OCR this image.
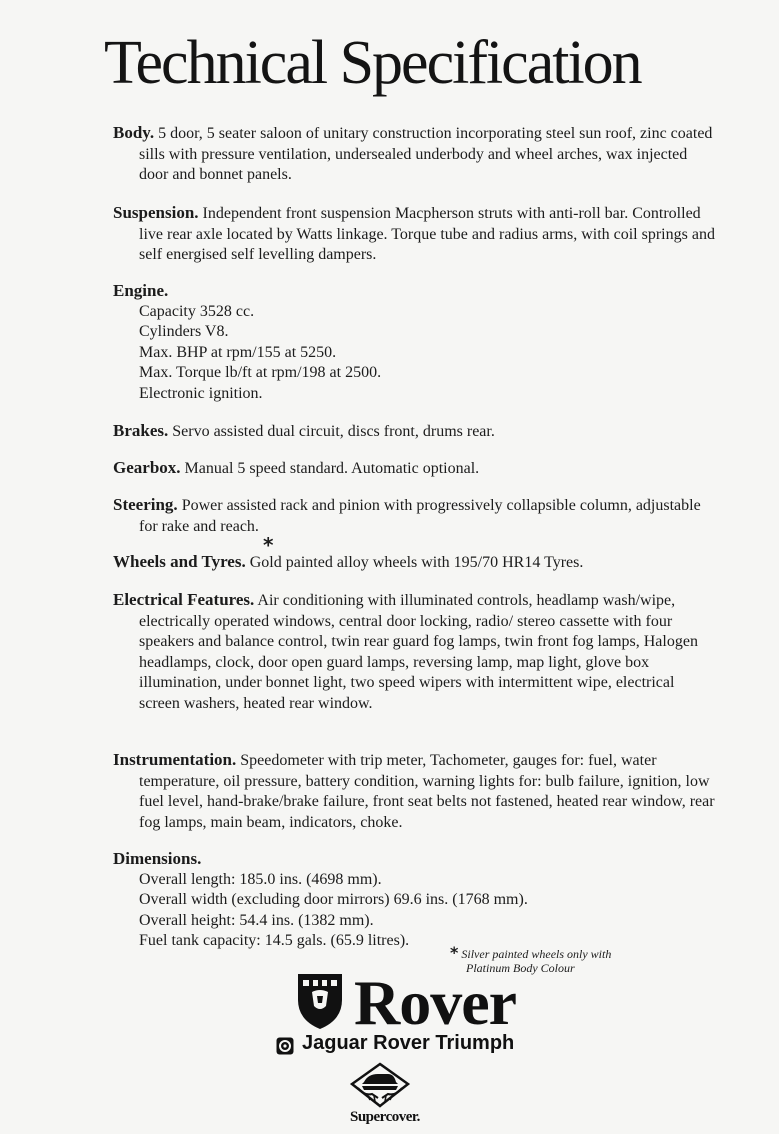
Technical Specification

Body. 5 door, 5 seater saloon of unitary construction incorporating steel sun roof, zinc coated sills with pressure ventilation, undersealed underbody and wheel arches, wax injected door and bonnet panels.

Suspension. Independent front suspension Macpherson struts with anti-roll bar. Controlled live rear axle located by Watts linkage. Torque tube and radius arms, with coil springs and self energised self levelling dampers.

Engine.
Capacity 3528 cc.
Cylinders V8.
Max. BHP at rpm/155 at 5250.
Max. Torque lb/ft at rpm/198 at 2500.
Electronic ignition.

Brakes. Servo assisted dual circuit, discs front, drums rear.

Gearbox. Manual 5 speed standard. Automatic optional.

Steering. Power assisted rack and pinion with progressively collapsible column, adjustable for rake and reach.

*

Wheels and Tyres. Gold painted alloy wheels with 195/70 HR14 Tyres.

Electrical Features. Air conditioning with illuminated controls, headlamp wash/wipe, electrically operated windows, central door locking, radio/ stereo cassette with four speakers and balance control, twin rear guard fog lamps, twin front fog lamps, Halogen headlamps, clock, door open guard lamps, reversing lamp, map light, glove box illumination, under bonnet light, two speed wipers with intermittent wipe, electrical screen washers, heated rear window.

Instrumentation. Speedometer with trip meter, Tachometer, gauges for: fuel, water temperature, oil pressure, battery condition, warning lights for: bulb failure, ignition, low fuel level, hand-brake/brake failure, front seat belts not fastened, heated rear window, rear fog lamps, main beam, indicators, choke.

Dimensions.
Overall length: 185.0 ins. (4698 mm).
Overall width (excluding door mirrors) 69.6 ins. (1768 mm).
Overall height: 54.4 ins. (1382 mm).
Fuel tank capacity: 14.5 gals. (65.9 litres).
* Silver painted wheels only with
Platinum Body Colour
Rover
Jaguar Rover Triumph
Supercover.
